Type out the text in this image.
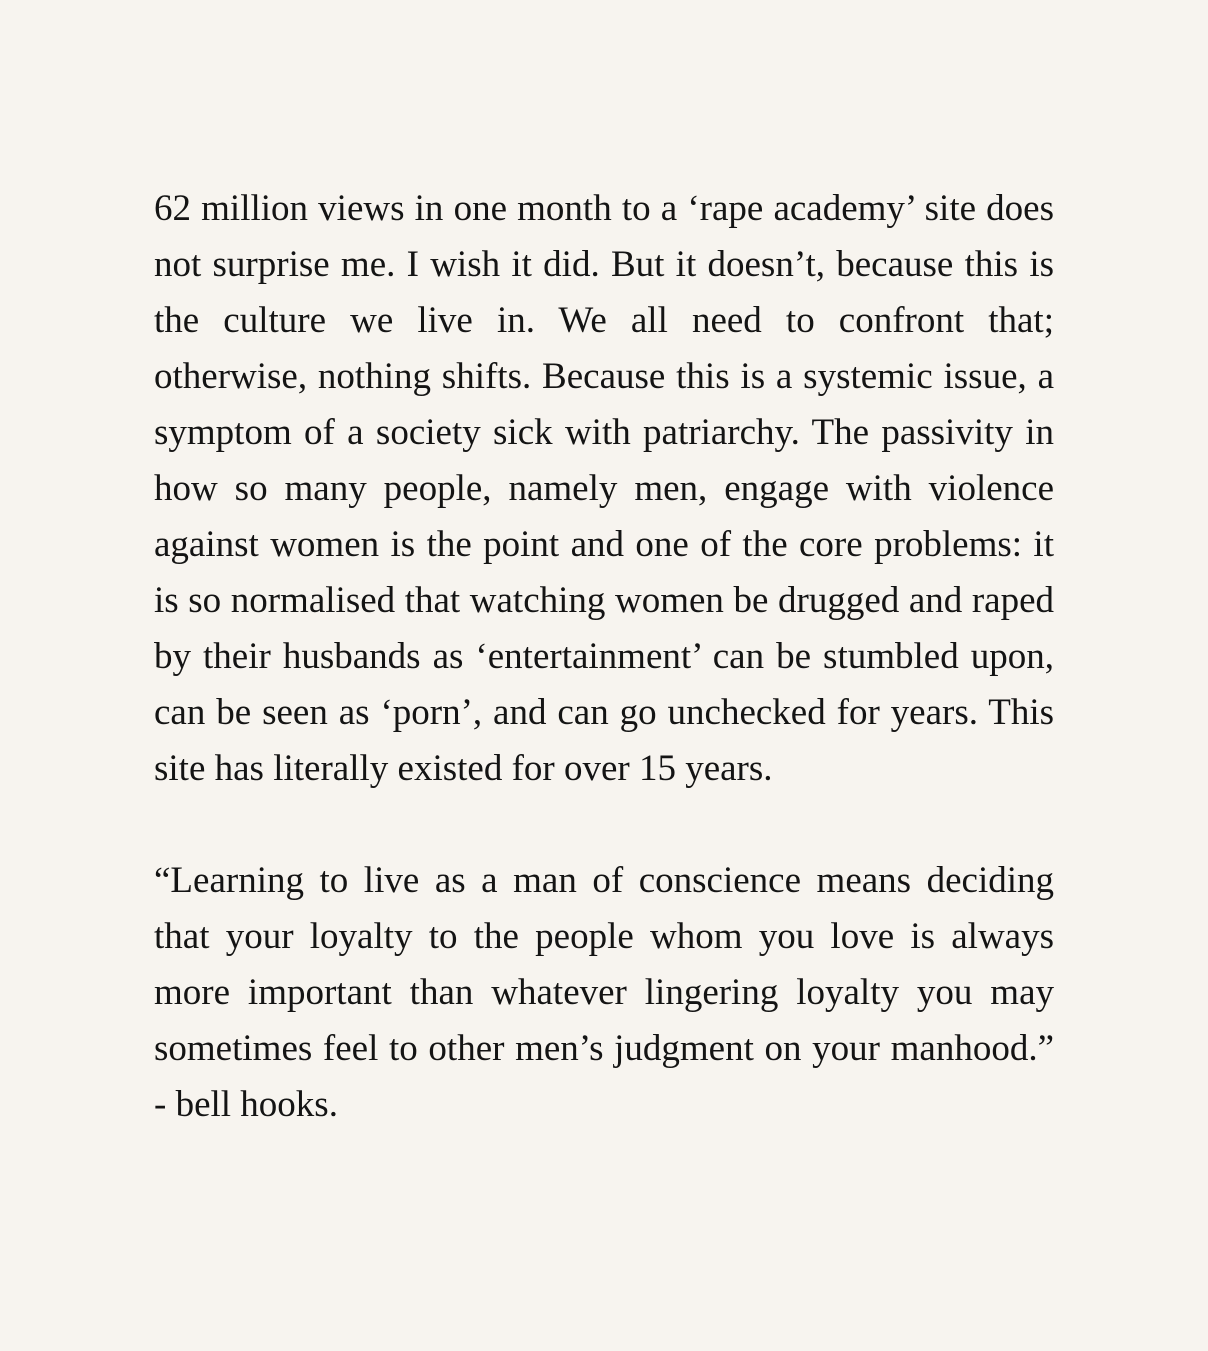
62 million views in one month to a ‘rape academy’ site does not surprise me. I wish it did. But it doesn’t, because this is the culture we live in. We all need to confront that; otherwise, nothing shifts. Because this is a systemic issue, a symptom of a society sick with patriarchy. The passivity in how so many people, namely men, engage with violence against women is the point and one of the core problems: it is so normalised that watching women be drugged and raped by their husbands as ‘entertainment’ can be stumbled upon, can be seen as ‘porn’, and can go unchecked for years. This site has literally existed for over 15 years.

“Learning to live as a man of conscience means deciding that your loyalty to the people whom you love is always more important than whatever lingering loyalty you may sometimes feel to other men’s judgment on your manhood.” - bell hooks.
